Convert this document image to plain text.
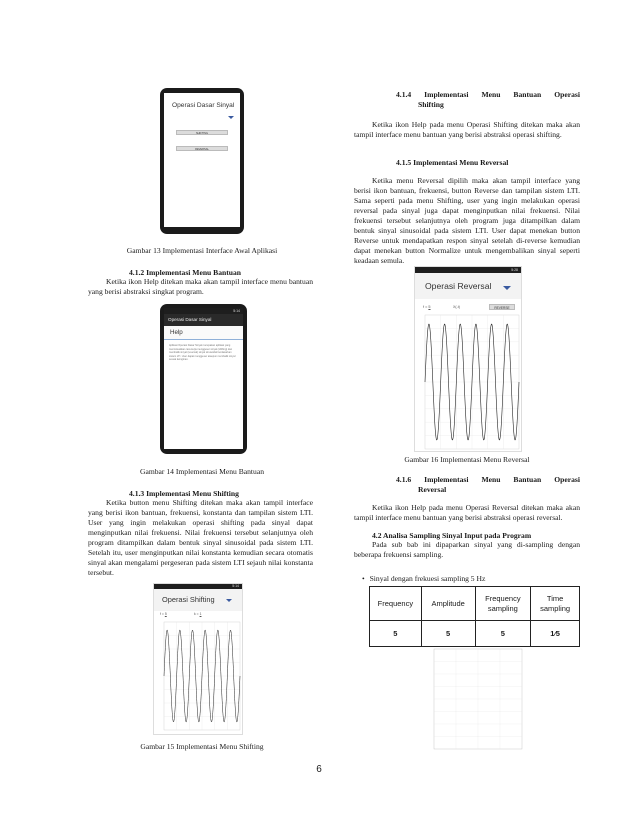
Operasi Dasar Sinyal
SHIFTING
REVERSAL
Gambar 13 Implementasi Interface Awal Aplikasi
4.1.2 Implementasi Menu Bantuan
Ketika ikon Help ditekan maka akan tampil interface menu bantuan yang berisi abstraksi singkat program.
5:14
Operasi Dasar Sinyal
Help
Aplikasi Operasi Dasar Sinyal merupakan aplikasi yang memvisualkan cara kerja menggeser sinyal (shifting) dan membalik sinyal (reversal) sinyal sinusoidal berdasarkan sistem LTI. User dapat menggeser ataupun membalik sinyal sesuai keinginan.
Gambar 14 Implementasi Menu Bantuan
4.1.3 Implementasi Menu Shifting
Ketika button menu Shifting ditekan maka akan tampil interface yang berisi ikon bantuan, frekuensi, konstanta dan tampilan sistem LTI. User yang ingin melakukan operasi shifting pada sinyal dapat menginputkan nilai frekuensi. Nilai frekuensi tersebut selanjutnya oleh program ditampilkan dalam bentuk sinyal sinusoidal pada sistem LTI. Setelah itu, user menginputkan nilai konstanta kemudian secara otomatis sinyal akan mengalami pergeseran pada sistem LTI sejauh nilai konstanta tersebut.
5:14
Operasi Shifting
f = 5	k = 1
Gambar 15 Implementasi Menu Shifting
4.1.4 Implementasi Menu Bantuan Operasi
Shifting
Ketika ikon Help pada menu Operasi Shifting ditekan maka akan tampil interface menu bantuan yang berisi abstraksi operasi shifting.
4.1.5 Implementasi Menu Reversal
Ketika menu Reversal dipilih maka akan tampil interface yang berisi ikon bantuan, frekuensi, button Reverse dan tampilan sistem LTI. Sama seperti pada menu Shifting, user yang ingin melakukan operasi reversal pada sinyal juga dapat menginputkan nilai frekuensi. Nilai frekuensi tersebut selanjutnya oleh program juga ditampilkan dalam bentuk sinyal sinusoidal pada sistem LTI. User dapat menekan button Reverse untuk mendapatkan respon sinyal setelah di-reverse kemudian dapat menekan button Normalize untuk mengembalikan sinyal seperti keadaan semula.
5:28
Operasi Reversal
f = 5	X(-t)	REVERSE
Gambar 16 Implementasi Menu Reversal
4.1.6 Implementasi Menu Bantuan Operasi
Reversal
Ketika ikon Help pada menu Operasi Reversal ditekan maka akan tampil interface menu bantuan yang berisi abstraksi operasi reversal.
4.2 Analisa Sampling Sinyal Input pada Program
Pada sub bab ini dipaparkan sinyal yang di-sampling dengan beberapa frekuensi sampling.
• Sinyal dengan frekuesi sampling 5 Hz
Frequency	Amplitude	Frequency sampling	Time sampling
5	5	5	1⁄5
6
